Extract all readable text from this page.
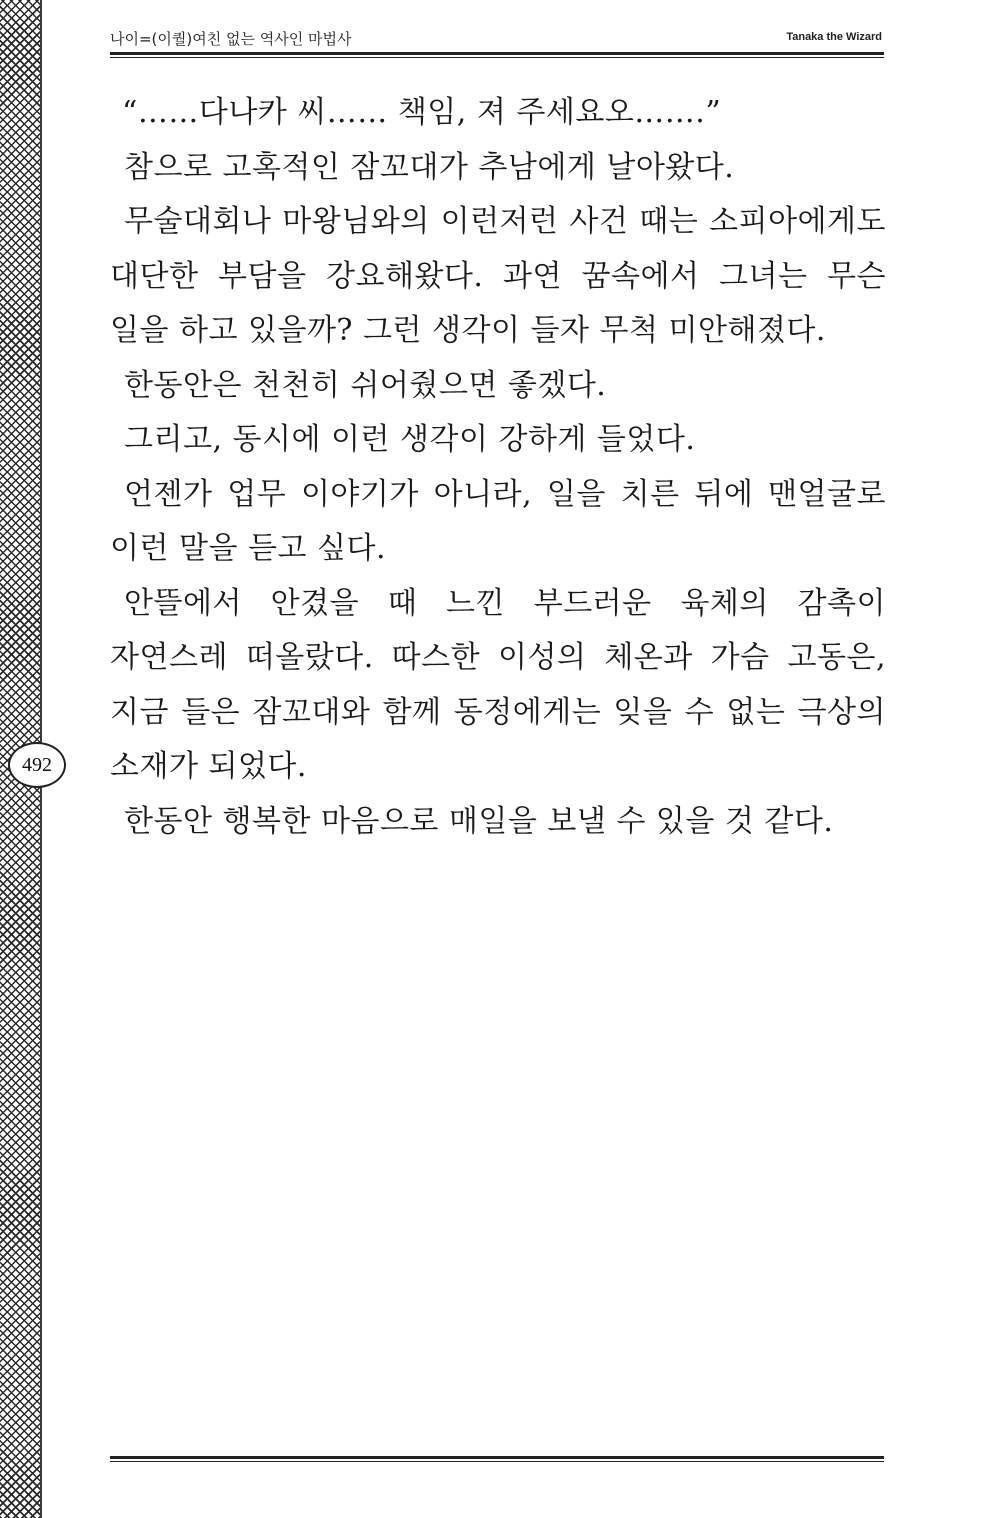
492
나이=(이퀄)여친 없는 역사인 마법사	Tanaka the Wizard

“……다나카 씨…… 책임, 져 주세요오…….”

참으로 고혹적인 잠꼬대가 추남에게 날아왔다.

무술대회나 마왕님와의 이런저런 사건 때는 소피아에게도 대단한 부담을 강요해왔다. 과연 꿈속에서 그녀는 무슨 일을 하고 있을까? 그런 생각이 들자 무척 미안해졌다.

한동안은 천천히 쉬어줬으면 좋겠다.

그리고, 동시에 이런 생각이 강하게 들었다.

언젠가 업무 이야기가 아니라, 일을 치른 뒤에 맨얼굴로 이런 말을 듣고 싶다.

안뜰에서 안겼을 때 느낀 부드러운 육체의 감촉이 자연스레 떠올랐다. 따스한 이성의 체온과 가슴 고동은, 지금 들은 잠꼬대와 함께 동정에게는 잊을 수 없는 극상의 소재가 되었다.

한동안 행복한 마음으로 매일을 보낼 수 있을 것 같다.
